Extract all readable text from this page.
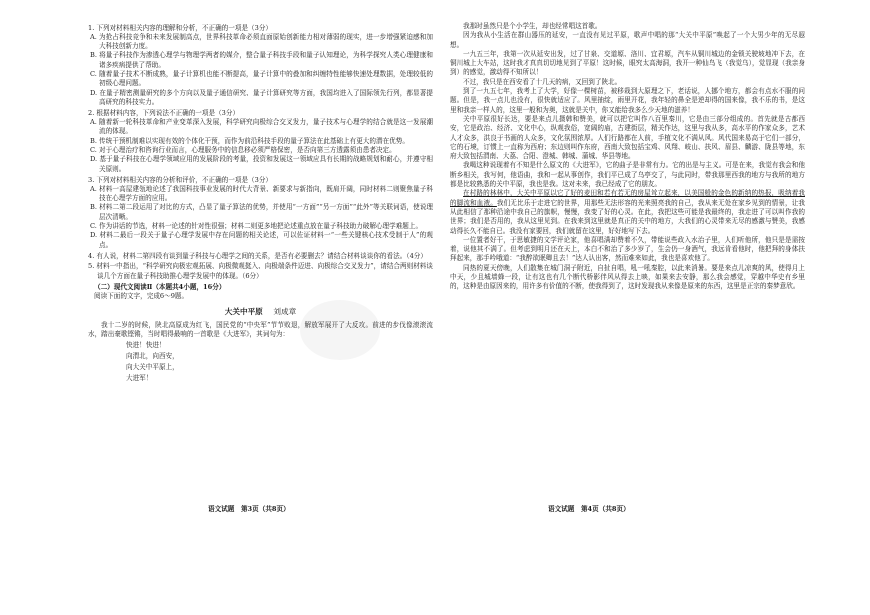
1. 下列对材料相关内容的理解和分析，不正确的一项是（3分）

A. 为抢占科技竞争和未来发展制高点，世界科技革命必须直面原始创新能力相对薄弱的现实，进一步增强紧迫感和加大科技创新力度。

B. 将量子科技作为渗透心理学与物理学两者的媒介，整合量子科技手段和量子认知理论，为科学探究人类心理健康和诸多疾病提供了帮助。

C. 随着量子技术不断成熟，量子计算机也能不断提高，量子计算中的叠加和纠缠特性能够快速处理数据，处理较低的初级心理问题。

D. 在量子精密测量研究的多个方向以及量子通信研究、量子计算研究等方面，我国均进入了国际领先行列，都显著提高研究的科技实力。

2. 根据材料内容，下列说法不正确的一项是（3分）

A. 随着新一轮科技革命和产业变革深入发展，科学研究向极综合交叉发力，量子技术与心理学的结合就是这一发展潮流的体现。

B. 传统干预机制难以实现有效的个体化干预，而作为前沿科技手段的量子算法在此基础上有更大的潜在优势。

C. 对于心理治疗和咨询行业而言，心理服务中的信息移必须严格保密，是否向第三方透露须由患者决定。

D. 基于量子科技在心理学领域应用的发展阶段的考量，投资和发展这一领域应具有长期的战略规划和耐心，并遵守相关原则。

3. 下列对材料相关内容的分析和评价，不正确的一项是（3分）

A. 材料一高屋建瓴地论述了我国科技事业发展的时代大背景、新要求与新指向，既肩开阔，同时材料二则聚焦量子科技在心理学方面的应用。

B. 材料二第二段运用了对比的方式，凸显了量子算法的优势，并使用“一方面”“另一方面”“此外”等关联词语，使说理层次清晰。

C. 作为讲话的节选，材料一论述的针对性很强；材料二则更多地把论述重点放在量子科技助力破解心理学难题上。

D. 材料二最后一段关于量子心理学发展中存在问题的相关论述，可以佐证材料一“一些关键核心技术受制于人”的观点。

4. 有人说，材料二第四段有谈到量子科技与心理学之间的关系，是否有必要删去？请结合材料谈谈你的看法。（4分）

5. 材料一中指出，“科学研究向极宏观拓展、向极微观挺入、向极端条件迈进、向极综合交叉发力”，请结合两则材料谈谈几个方面在量子科技助推心理学发展中的体现。（6分）

（二）现代文阅读Ⅱ（本题共4小题，16分）

阅读下面的文字，完成6～9题。

大关中平原 刘成章

我十二岁的时候，陕北高原成为红飞，国民党的“中央军”节节败退，解放军展开了大反攻。前进的步伐像滚滚流水，踏出豪歌铿锵，当时唱得最响的一首歌是《大进军》，其词句为：

快进！快进！
向渭北，向西安，
向大关中平原上，
大进军！

我那时虽然只是个小学生，却也经常唱这首歌。

因为我从小生活在群山器压的延安，一直没有见过平原，歌声中唱的那“大关中平原”唤起了一个大男少年的无尽遐想。

一九五三年，我第一次从延安出发，过了甘泉、交道塬、洛川、宜君塬，汽车从铜川城边的金锁关驶坡地冲下去，在铜川城上大车站，这时我才真真切切地见到了平原！这时候，眼究太高海洞，我开一种仙鸟飞（我觉乌），觉显现（我亲身到）的感觉，激动得不知所以！

不过，我只是在西安看了十几天的病，又回到了陕北。

到了一九五七年，我考上了大学，好像一棵树苗，被移栽到大原理之下，老话说，人挪个地方，都会有点水不服的问题。但是，我一点儿也没有，很快就适应了。风里抽绽，雨里开花，我年轻的鼻全是逆却得的国来像，我不乐的书，是这里和我亲一样人的，这里一般和为奥，这就是关中，你又能给我多么少天地的滋养！

关中平原很好长达，要是来点儿摄韩和赞美，就可以把它叫作八百里秦川，它是由三部分组成的。首先就是古都西安，它是政治、经济、文化中心，纵观我俗，宽阔的庙，古建街层，精关作达，这里与我从多，高水平的作家众多，艺术人才众多，洪良于书画的人众多，文化氛围浓厚。人们行路都在人前，手植文化不满从风。风代国来易高于它们一部分，它的石境，订惯上一直称为西府；东边则叫作东府，西南大致包括宝鸡、风翔、岐山、扶风、眉县、麟游、陇县等地，东府大致包括渭南、大荔、合阳、澄城、韩城、蒲城、华县等地。

我喝这种说现着有不知是什么原文的《大进军》，它的曲子是非常有力。它的出是与主义。可是在来，我觉有我会和他断乡相关，我写何，他语曲，我和一起从事创作，我们平已成了乌亭交了，与此同时，带我那里西我的地方与我所的地方都是比较熟悉的关中平原，我也是我。这对未来，我已经成了它的朋友。

在村路的林林中，大关中平原以它了好的麦田和若有若无的房屋耸立起来，以美国般的金色的新纳的热报，吸纳着我的脚流和血液。我们无比乐于走进它的世界，用那些无法形容的光来照亮我的自己，我从来无处在家乡见到的情景，让我从此相信了那种沿途中我自己的旗帜，慢慢，我变了好的心灵。在此，我把这些可能是我最终的，我走进了可以叫作我的世界；我们是否用的，我从这里见到。在我来到这里就是真正的关中的地方，大我们的心灵带来无尽的感激与赞美，我感动得长久不能自已。我没有家要回，我们就留在这里，好好地写下去。

一位置者好干，于思敏捷的文学评论家，他喜唱满却赞着不久，带能说些政入水治子里，人们听他所，他只是是需按着，说他其不满了。但考虑到明月还在天上，本白不和治了多少岁了，生会仍一身酒气，我远肯看他时，他把拜的身体扶拜起来，那手吟哦道：“我醉欲眠卿且去！”达人认出客，然而难来如此，我也是喜欢他了。

同热的夏天傍晚，人们散集在城门洞子附近，自扯自唱，吼一吼秦腔，以此来消暑。要是来点儿凉爽的风，使得月上中天，少且城墙蜂一段，让有这也有几个断代桥影伴风从得去上映，如果来去安静，那么我会感觉，穿越中华史有乡里的，这种是由原因来的，用许多有价值的不断，使我得到了，这时发现我从来像是原来的东西，这里是正宗的秦梦意欣。

语文试题　第3页（共8页）	语文试题　第4页（共8页）
